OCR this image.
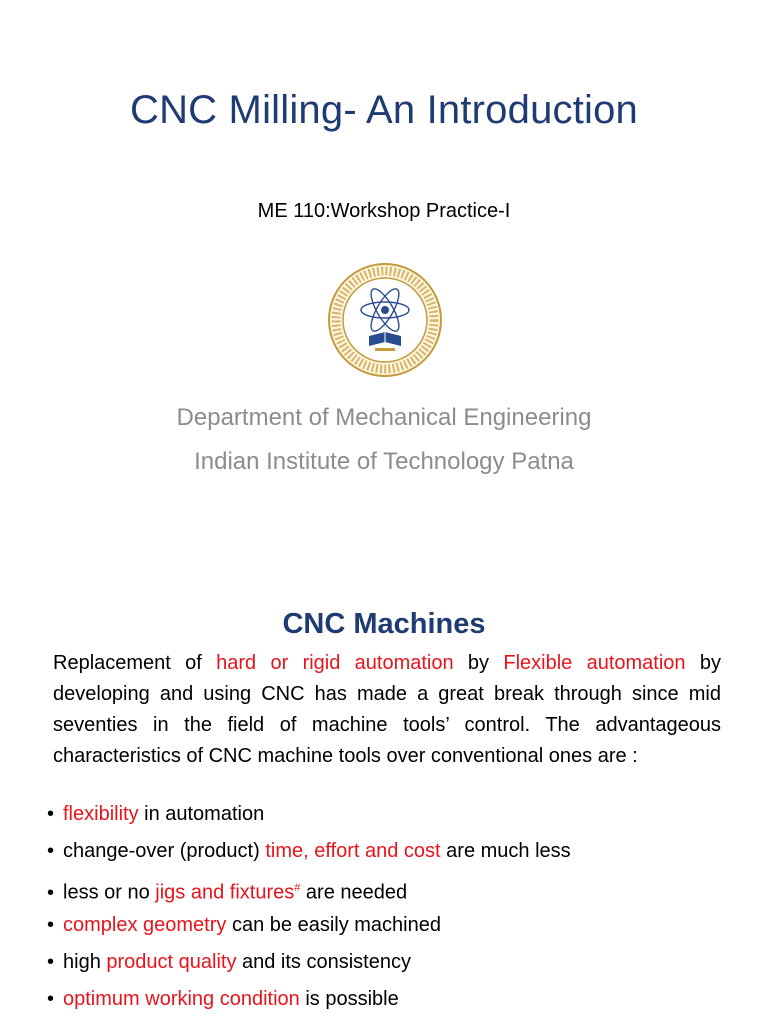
CNC Milling- An Introduction
ME 110:Workshop Practice-I
Department of Mechanical Engineering
Indian Institute of Technology Patna
CNC Machines
Replacement of hard or rigid automation by Flexible automation by developing and using CNC has made a great break through since mid seventies in the field of machine tools’ control. The advantageous characteristics of CNC machine tools over conventional ones are :
• flexibility in automation
• change-over (product) time, effort and cost are much less
• less or no jigs and fixtures# are needed
• complex geometry can be easily machined
• high product quality and its consistency
• optimum working condition is possible
